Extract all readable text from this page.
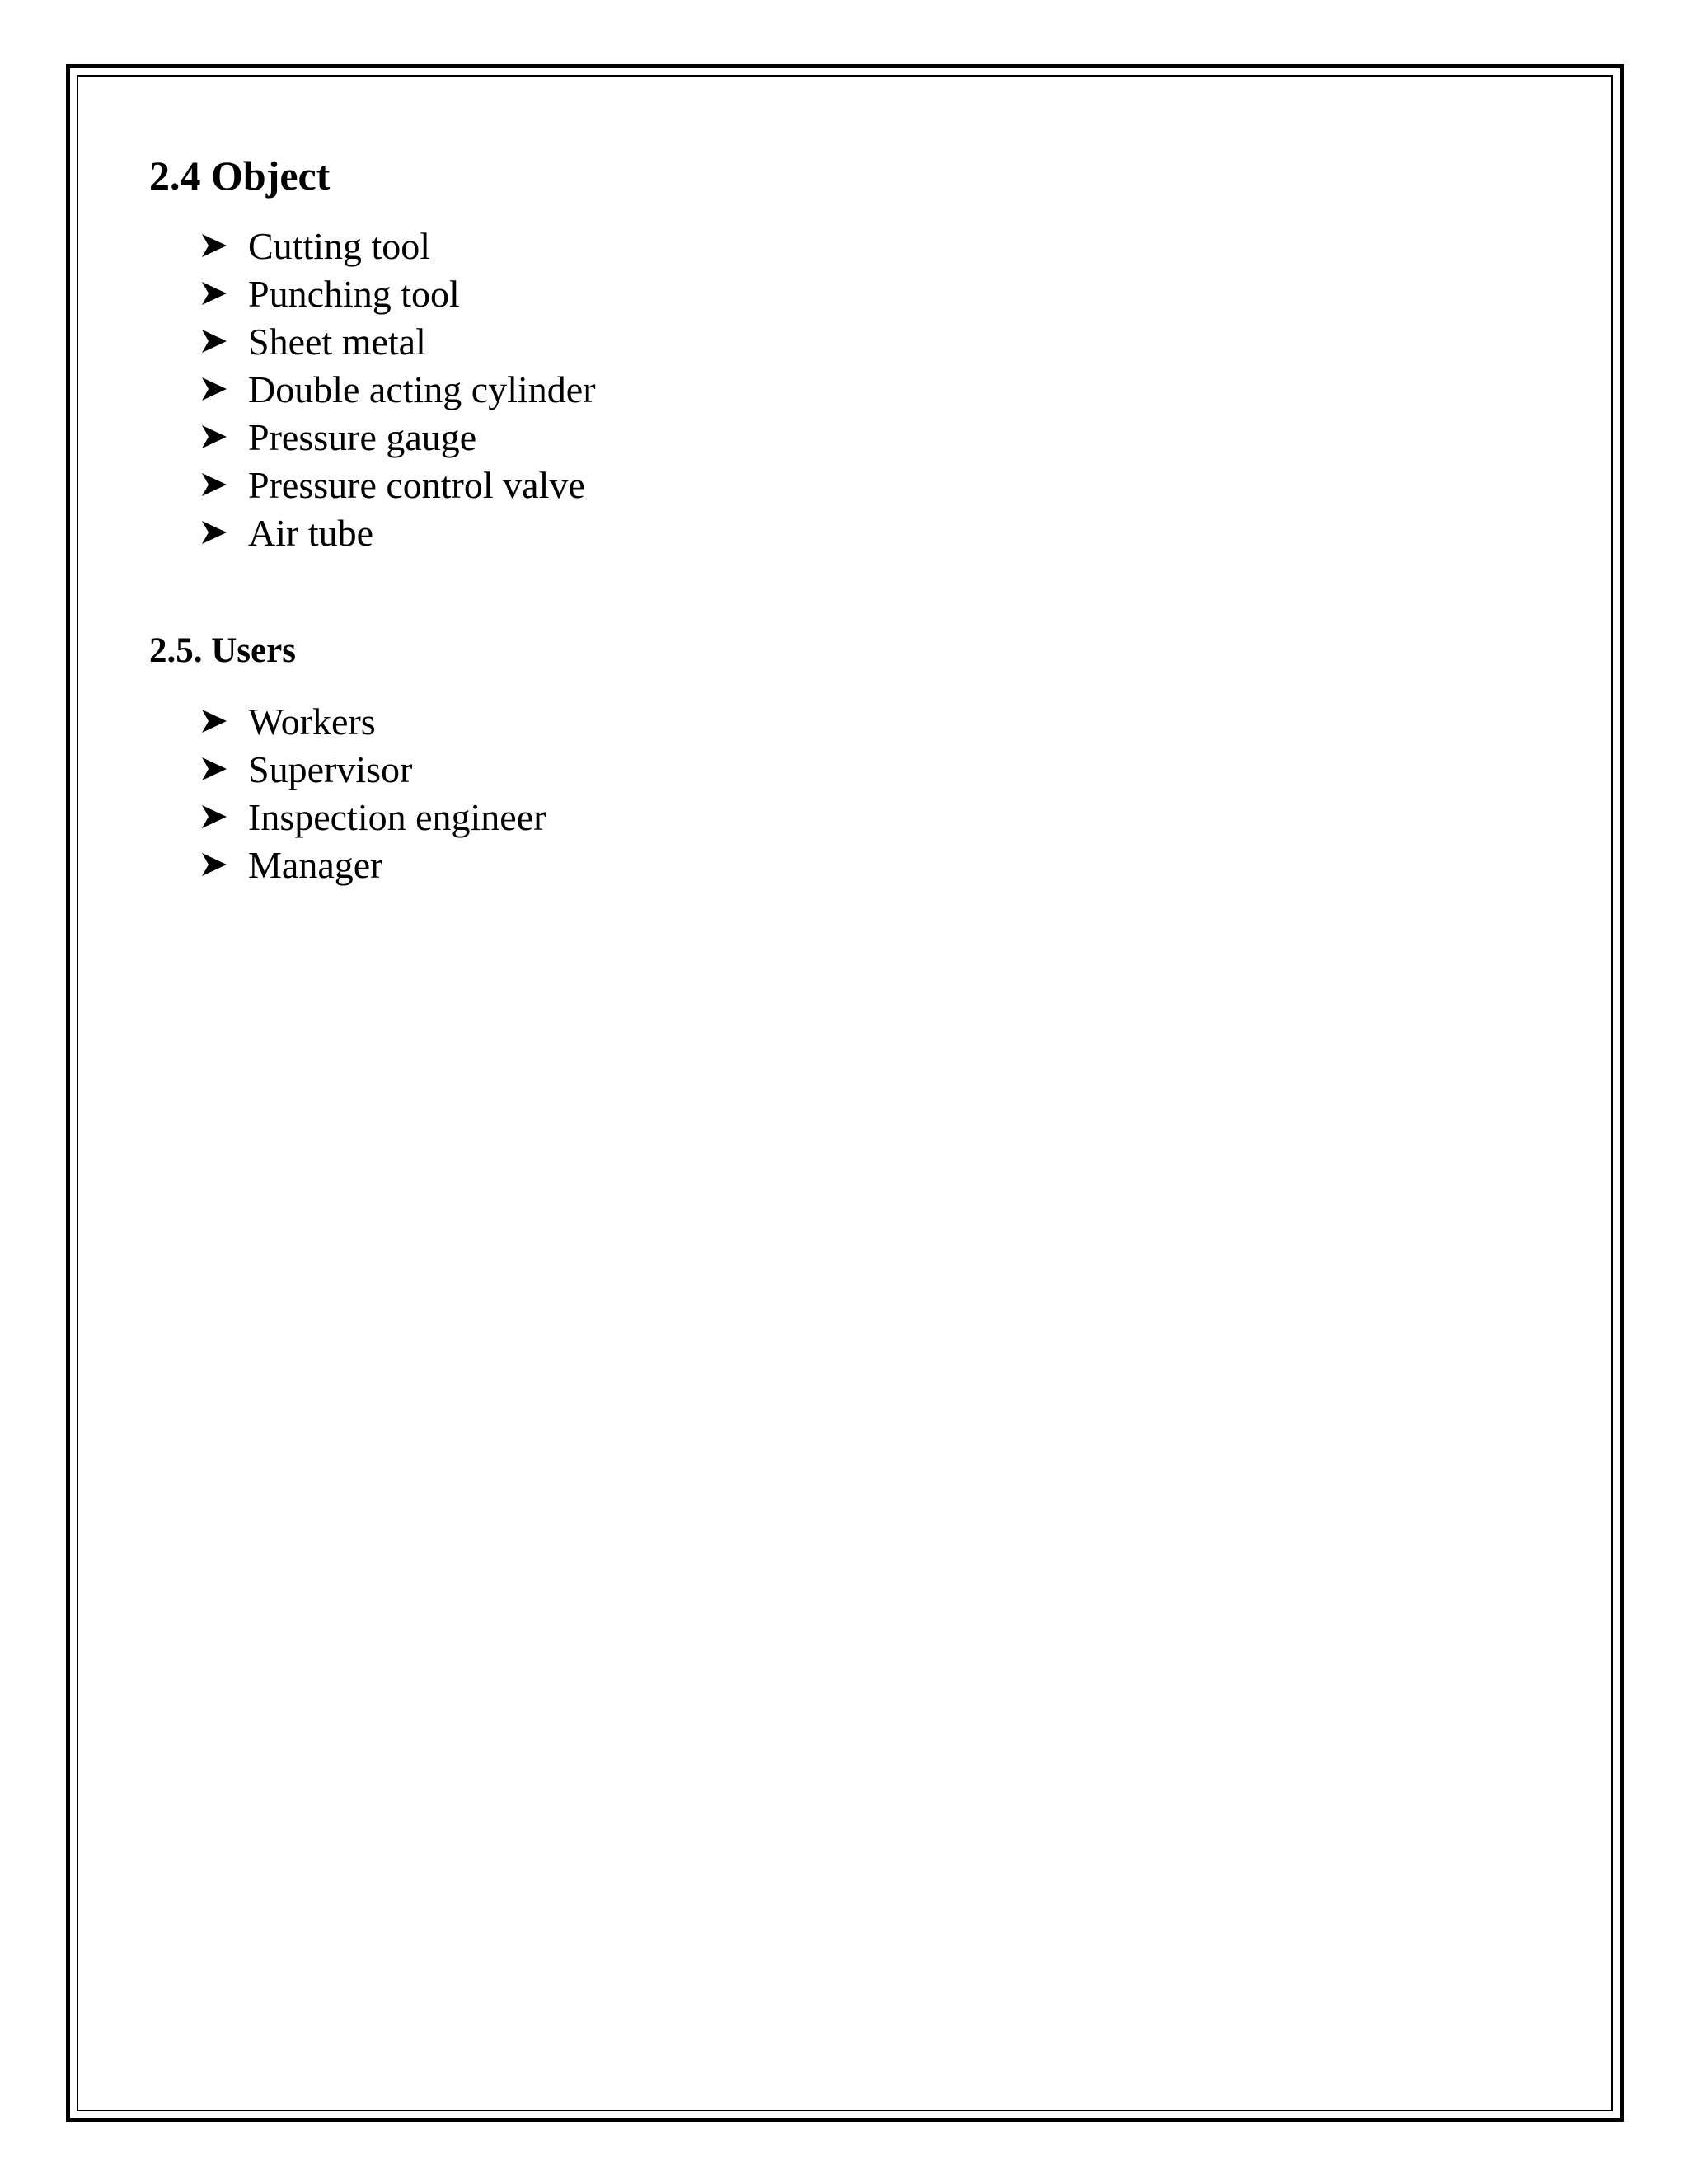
2.4 Object
Cutting tool
Punching tool
Sheet metal
Double acting cylinder
Pressure gauge
Pressure control valve
Air tube
2.5. Users
Workers
Supervisor
Inspection engineer
Manager
